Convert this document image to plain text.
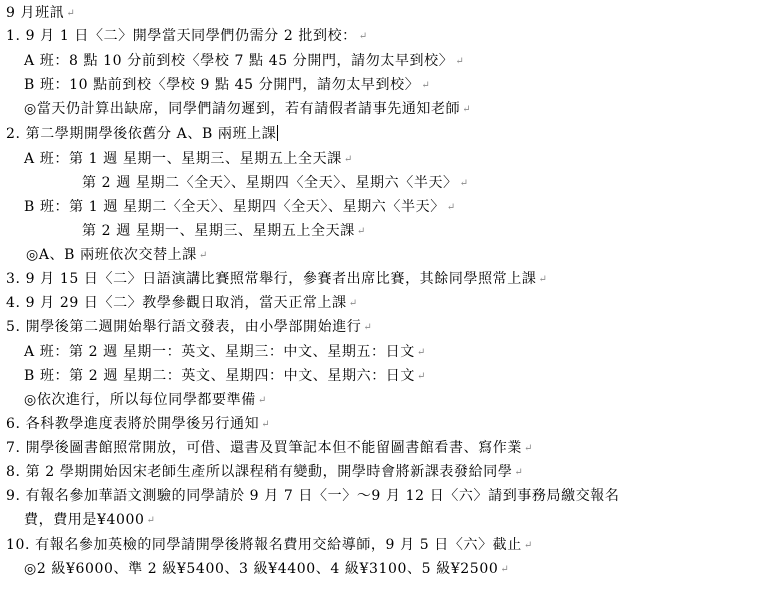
9 月班訊 ↵
1. 9 月 1 日〈二〉開學當天同學們仍需分 2 批到校： ↵
A 班：8 點 10 分前到校〈學校 7 點 45 分開門，請勿太早到校〉 ↵
B 班：10 點前到校〈學校 9 點 45 分開門，請勿太早到校〉 ↵
◎當天仍計算出缺席，同學們請勿遲到，若有請假者請事先通知老師 ↵
2. 第二學期開學後依舊分 A、B 兩班上課
A 班：第 1 週 星期一、星期三、星期五上全天課 ↵
第 2 週 星期二〈全天〉、星期四〈全天〉、星期六〈半天〉 ↵
B 班：第 1 週 星期二〈全天〉、星期四〈全天〉、星期六〈半天〉 ↵
第 2 週 星期一、星期三、星期五上全天課 ↵
◎A、B 兩班依次交替上課 ↵
3. 9 月 15 日〈二〉日語演講比賽照常舉行，參賽者出席比賽，其餘同學照常上課 ↵
4. 9 月 29 日〈二〉教學參觀日取消，當天正常上課 ↵
5. 開學後第二週開始舉行語文發表，由小學部開始進行 ↵
A 班：第 2 週 星期一：英文、星期三：中文、星期五：日文 ↵
B 班：第 2 週 星期二：英文、星期四：中文、星期六：日文 ↵
◎依次進行，所以每位同學都要準備 ↵
6. 各科教學進度表將於開學後另行通知 ↵
7. 開學後圖書館照常開放，可借、還書及買筆記本但不能留圖書館看書、寫作業 ↵
8. 第 2 學期開始因宋老師生產所以課程稍有變動，開學時會將新課表發給同學 ↵
9. 有報名參加華語文測驗的同學請於 9 月 7 日〈一〉～9 月 12 日〈六〉請到事務局繳交報名
費，費用是¥4000 ↵
10. 有報名參加英檢的同學請開學後將報名費用交給導師，9 月 5 日〈六〉截止 ↵
◎2 級¥6000、準 2 級¥5400、3 級¥4400、4 級¥3100、5 級¥2500 ↵
